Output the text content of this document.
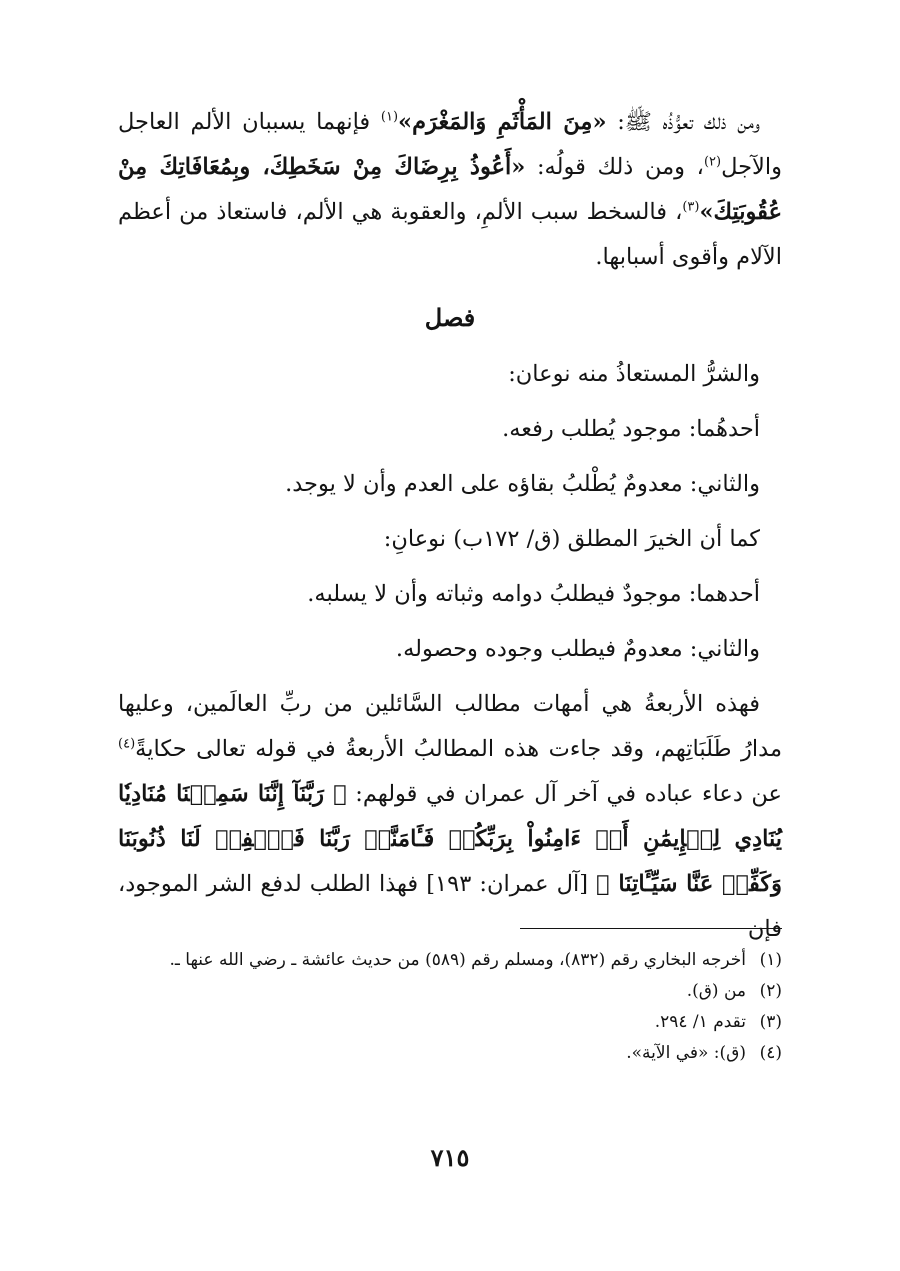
ومن ذلك تعوُّذُه ﷺ: «مِنَ المَأْثَمِ وَالمَغْرَم»$^{(١)}$ فإنهما يسببان الألم العاجل والآجل$^{(٢)}$، ومن ذلك قولُه: «أَعُوذُ بِرِضَاكَ مِنْ سَخَطِكَ، وبِمُعَافَاتِكَ مِنْ عُقُوبَتِكَ»$^{(٣)}$، فالسخط سبب الألمِ، والعقوبة هي الألم، فاستعاذ من أعظم الآلام وأقوى أسبابها.

فصل
والشرُّ المستعاذُ منه نوعان:
أحدهُما: موجود يُطلب رفعه.
والثاني: معدومٌ يُطْلبُ بقاؤه على العدم وأن لا يوجد.
كما أن الخيرَ المطلق (ق/ ١٧٢ب) نوعانِ:
أحدهما: موجودٌ فيطلبُ دوامه وثباته وأن لا يسلبه.
والثاني: معدومٌ فيطلب وجوده وحصوله.

فهذه الأربعةُ هي أمهات مطالب السَّائلين من ربِّ العالَمين، وعليها مدارُ طَلَبَاتِهم، وقد جاءت هذه المطالبُ الأربعةُ في قوله تعالى حكايةً$^{(٤)}$ عن دعاء عباده في آخر آل عمران في قولهم: ﴿ رَبَّنَآ إِنَّنَا سَمِعۡنَا مُنَادِيٗا يُنَادِي لِلۡإِيمَٰنِ أَنۡ ءَامِنُواْ بِرَبِّكُمۡ فَـَٔامَنَّاۚ رَبَّنَا فَٱغۡفِرۡ لَنَا ذُنُوبَنَا وَكَفِّرۡ عَنَّا سَيِّـَٔاتِنَا ﴾ [آل عمران: ١٩٣] فهذا الطلب لدفع الشر الموجود، فإن

(١)
أخرجه البخاري رقم (٨٣٢)، ومسلم رقم (٥٨٩) من حديث عائشة ـ رضي الله عنها ـ.
(٢)
من (ق).
(٣)
تقدم ١/ ٢٩٤.
(٤)
(ق): «في الآية».
٧١٥
